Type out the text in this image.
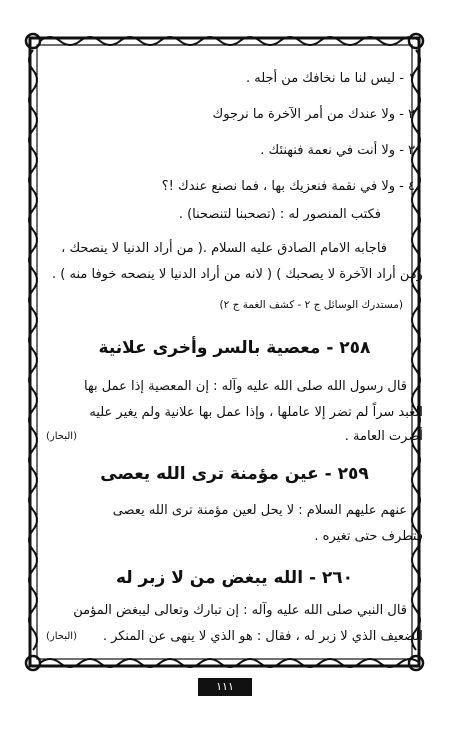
١ - ليس لنا ما نخافك من أجله .
٢ - ولا عندك من أمر الآخرة ما نرجوك
٣ - ولا أنت في نعمة فنهنئك .
٤ - ولا في نقمة فنعزيك بها ، فما نصنع عندك !؟
فكتب المنصور له : (تصحبنا لتنصحنا) .
فاجابه الامام الصادق عليه السلام .( من أراد الدنيا لا ينصحك ،
ومن أراد الآخرة لا يصحبك ) ( لانه من أراد الدنيا لا ينصحه خوفا منه ) .
(مستدرك الوسائل ج ٢ - كشف الغمة ج ٢)
٢٥٨ - معصية بالسر وأخرى علانية
قال رسول الله صلى الله عليه وآله : إن المعصية إذا عمل بها
العبد سراً لم تضر إلا عاملها ، وإذا عمل بها علانية ولم يغير عليه
أضرت العامة .
(البحار)
٢٥٩ - عين مؤمنة ترى الله يعصى
عنهم عليهم السلام : لا يحل لعين مؤمنة ترى الله يعصى
فتطرف حتى تغيره .
٢٦٠ - الله يبغض من لا زبر له
قال النبي صلى الله عليه وآله : إن تبارك وتعالى ليبغض المؤمن
الضعيف الذي لا زبر له ، فقال : هو الذي لا ينهى عن المنكر .
(البحار)
١١١
